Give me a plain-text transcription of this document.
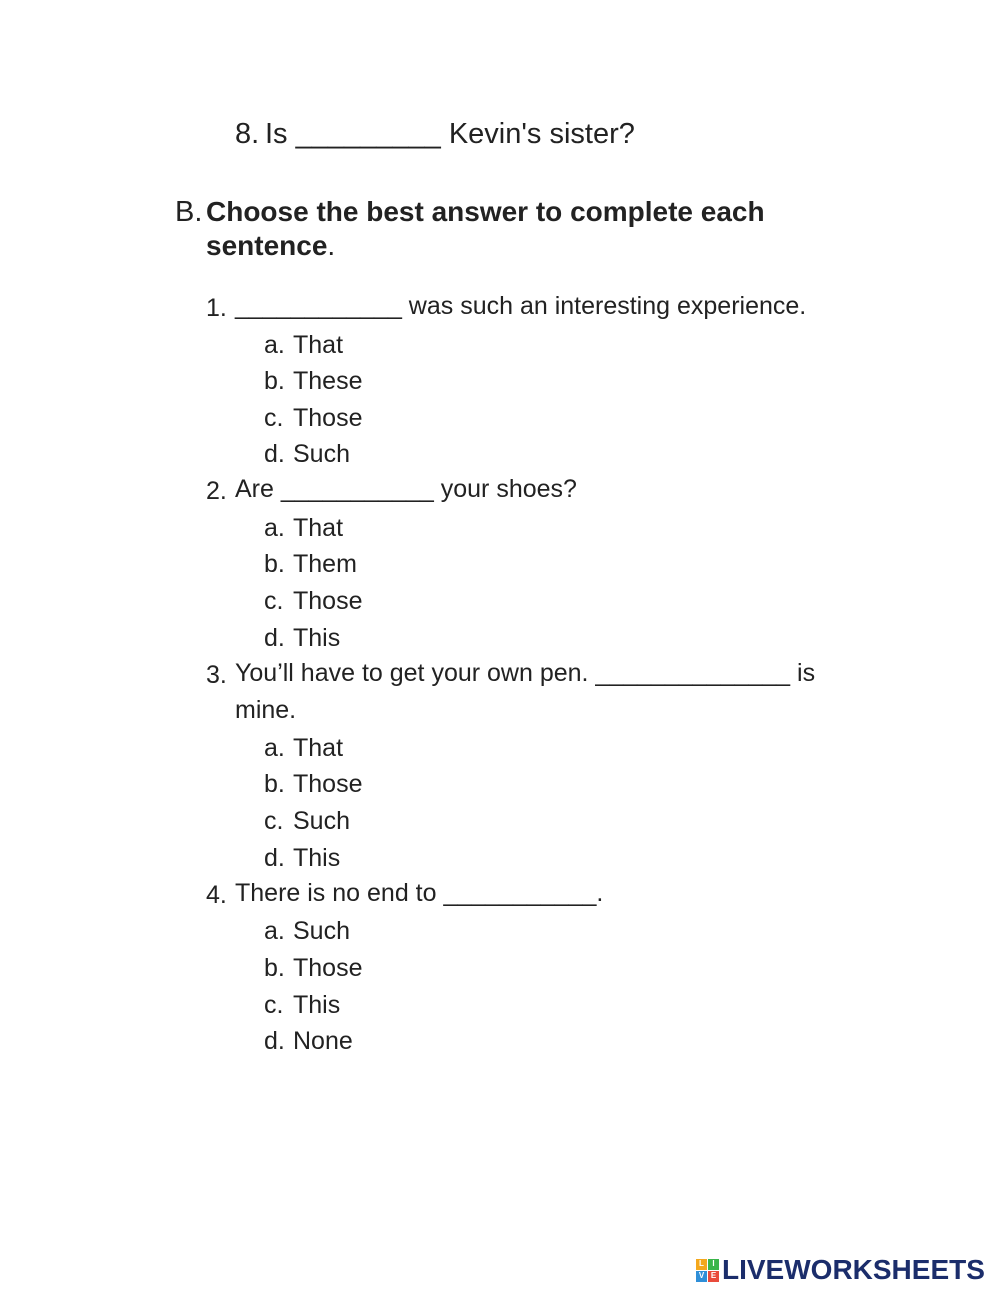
8. Is _________ Kevin's sister?
B. Choose the best answer to complete each
sentence.
1. ____________ was such an interesting experience.
a. That
b. These
c. Those
d. Such
2. Are ___________ your shoes?
a. That
b. Them
c. Those
d. This
3. You’ll have to get your own pen. ______________ is
mine.
a. That
b. Those
c. Such
d. This
4. There is no end to ___________.
a. Such
b. Those
c. This
d. None
L	I
V E LIVEWORKSHEETS
